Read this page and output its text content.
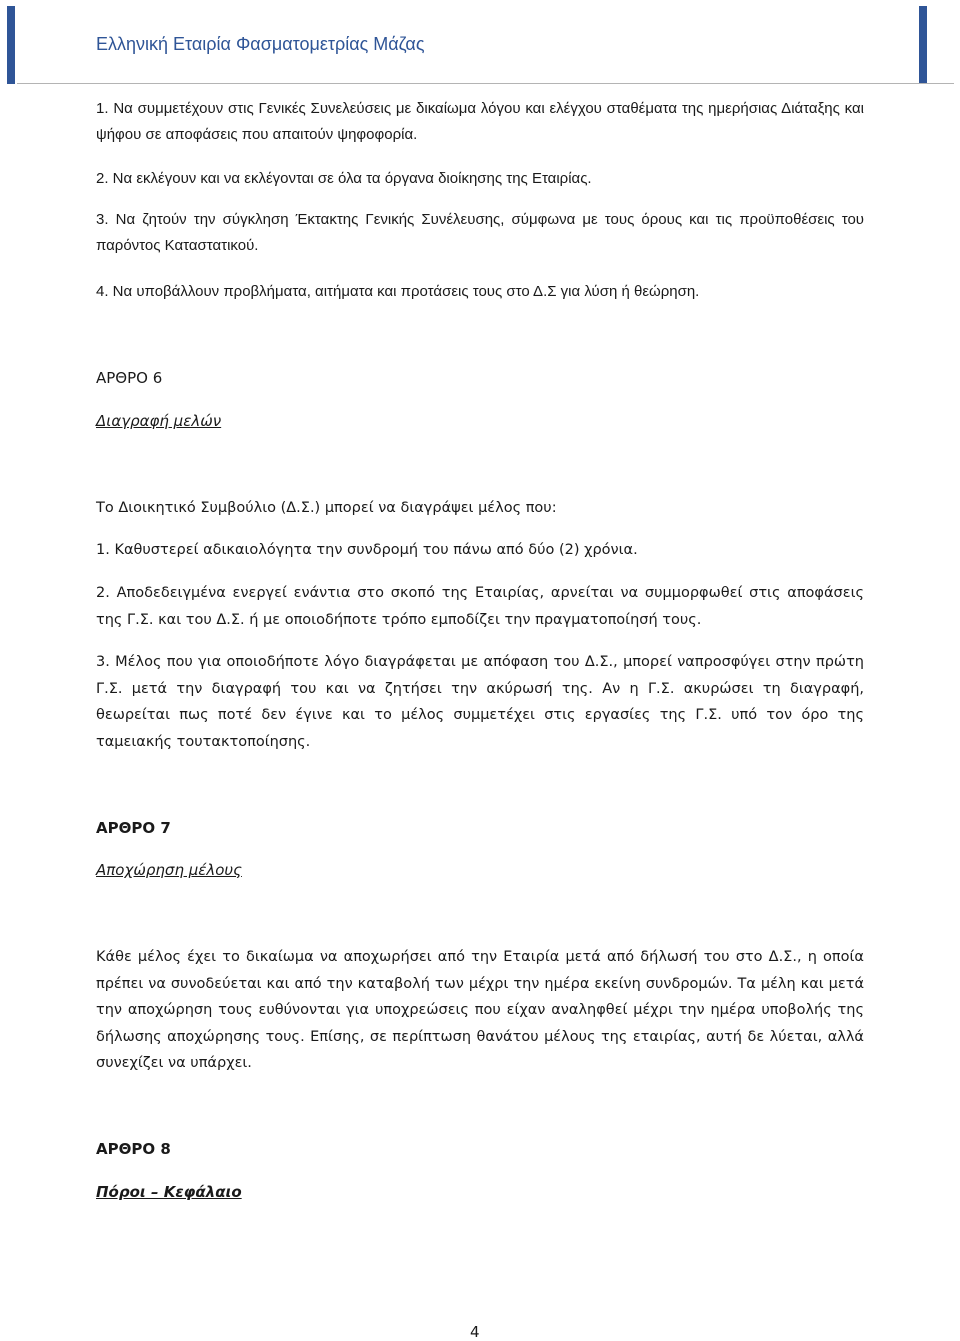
Ελληνική Εταιρία Φασματομετρίας Μάζας

1. Να συμμετέχουν στις Γενικές Συνελεύσεις με δικαίωμα λόγου και ελέγχου σταθέματα της ημερήσιας Διάταξης και ψήφου σε αποφάσεις που απαιτούν ψηφοφορία.

2. Να εκλέγουν και να εκλέγονται σε όλα τα όργανα διοίκησης της Εταιρίας.

3. Να ζητούν την σύγκληση Έκτακτης Γενικής Συνέλευσης, σύμφωνα με τους όρους και τις προϋποθέσεις του παρόντος Καταστατικού.

4. Να υποβάλλουν προβλήματα, αιτήματα και προτάσεις τους στο Δ.Σ για λύση ή θεώρηση.

ΑΡΘΡΟ 6

Διαγραφή μελών

Το Διοικητικό Συμβούλιο (Δ.Σ.) μπορεί να διαγράψει μέλος που:

1. Καθυστερεί αδικαιολόγητα την συνδρομή του πάνω από δύο (2) χρόνια.

2. Αποδεδειγμένα ενεργεί ενάντια στο σκοπό της Εταιρίας, αρνείται να συμμορφωθεί στις αποφάσεις της Γ.Σ. και του Δ.Σ. ή με οποιοδήποτε τρόπο εμποδίζει την πραγματοποίησή τους.

3. Μέλος που για οποιοδήποτε λόγο διαγράφεται με απόφαση του Δ.Σ., μπορεί ναπροσφύγει στην πρώτη Γ.Σ. μετά την διαγραφή του και να ζητήσει την ακύρωσή της. Αν η Γ.Σ. ακυρώσει τη διαγραφή, θεωρείται πως ποτέ δεν έγινε και το μέλος συμμετέχει στις εργασίες της Γ.Σ. υπό τον όρο της ταμειακής τουτακτοποίησης.

ΑΡΘΡΟ 7

Αποχώρηση μέλους

Κάθε μέλος έχει το δικαίωμα να αποχωρήσει από την Εταιρία μετά από δήλωσή του στο Δ.Σ., η οποία πρέπει να συνοδεύεται και από την καταβολή των μέχρι την ημέρα εκείνη συνδρομών. Τα μέλη και μετά την αποχώρηση τους ευθύνονται για υποχρεώσεις που είχαν αναληφθεί μέχρι την ημέρα υποβολής της δήλωσης αποχώρησης τους. Επίσης, σε περίπτωση θανάτου μέλους της εταιρίας, αυτή δε λύεται, αλλά συνεχίζει να υπάρχει.

ΑΡΘΡΟ 8

Πόροι – Κεφάλαιο

4
